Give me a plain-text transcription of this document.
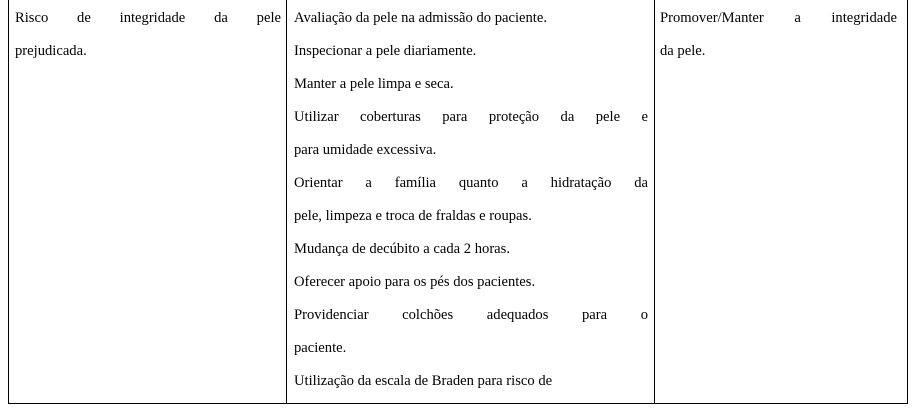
Risco de integridade da pele
prejudicada.
Avaliação da pele na admissão do paciente.
Inspecionar a pele diariamente.
Manter a pele limpa e seca.
Utilizar coberturas para proteção da pele e
para umidade excessiva.
Orientar a família quanto a hidratação da
pele, limpeza e troca de fraldas e roupas.
Mudança de decúbito a cada 2 horas.
Oferecer apoio para os pés dos pacientes.
Providenciar colchões adequados para o
paciente.
Utilização da escala de Braden para risco de
Promover/Manter a integridade
da pele.
